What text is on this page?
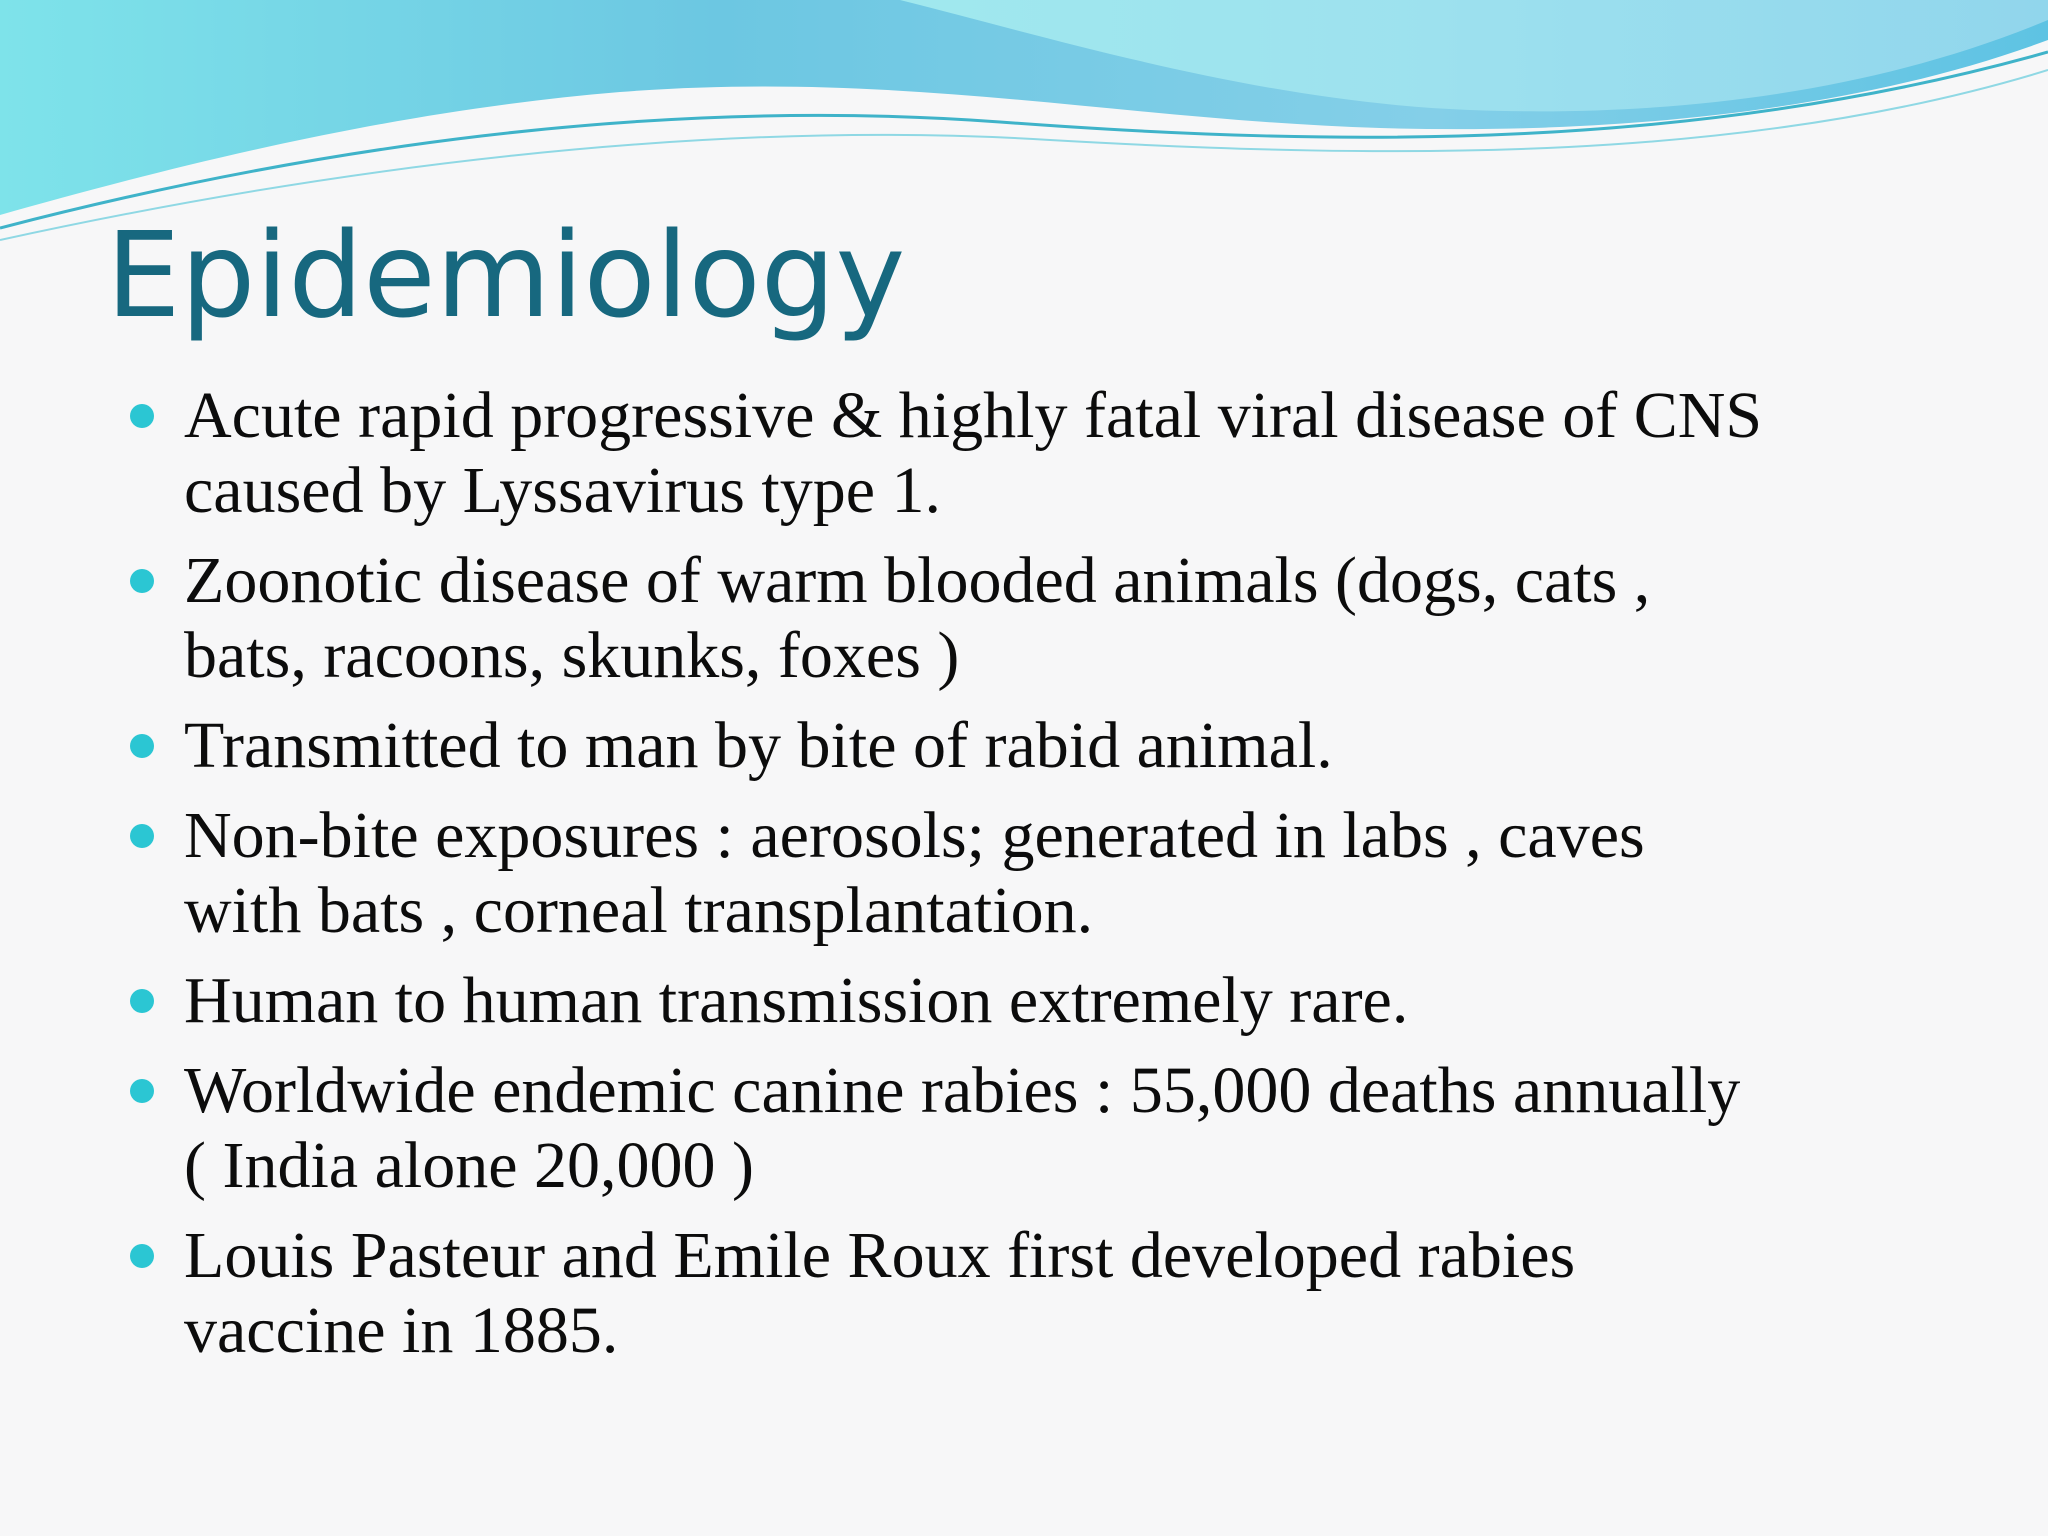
Epidemiology
Acute rapid progressive & highly fatal viral disease of CNS
caused by Lyssavirus type 1.
Zoonotic disease of warm blooded animals (dogs, cats ,
bats, racoons, skunks, foxes )
Transmitted to man by bite of rabid animal.
Non-bite exposures : aerosols; generated in labs , caves
with bats , corneal transplantation.
Human to human transmission extremely rare.
Worldwide endemic canine rabies : 55,000 deaths annually
( India alone 20,000 )
Louis Pasteur and Emile Roux first developed rabies
vaccine in 1885.
